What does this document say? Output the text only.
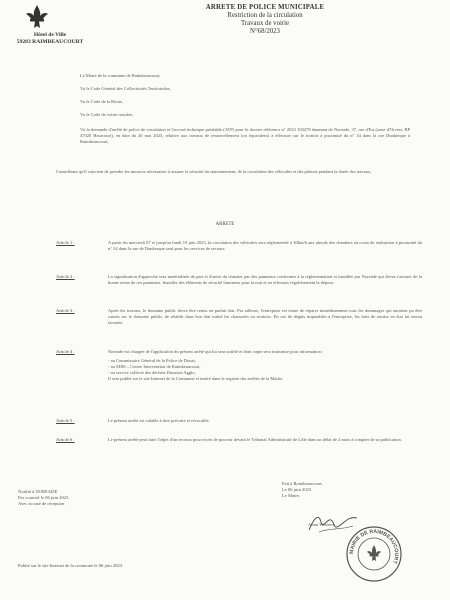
Hôtel de Ville
59283 RAIMBEAUCOURT
ARRETE DE POLICE MUNICIPALE
Restriction de la circulation
Travaux de voirie
N°68/2023
Le Maire de la commune de Raimbeaucourt,
Vu le Code Général des Collectivités Territoriales,
Vu le Code de la Route,
Vu le Code de voirie routière,
Vu la demande d'arrêté de police de circulation et l'accord technique préalable (ATP) pour le dossier référence n° 2023 103278 émanant de Noreade, 37, rue d'Est (zone d'Orvers, BP 47020 Hautcourt), en date du 26 mai 2023, relative aux travaux de renouvellement (ou équivalent) à effectuer sur le trottoir à proximité du n° 34 dans la rue Dunkerque à Raimbeaucourt,
Considérant qu'il convient de prendre les mesures nécessaires à assurer la sécurité du stationnement, de la circulation des véhicules et des piétons pendant la durée des travaux,
ARRETE
Article 1 :	A partir du mercredi 07 et jusqu'au lundi 19 juin 2023, la circulation des véhicules sera réglementée à 30km/h aux abords des chantiers en cours de réalisation à proximité du n° 34 dans la rue de Dunkerque sauf pour les services de secours.
Article 2 :	La signalisation d'approche sera matérialisée de part et d'autre du chantier par des panneaux conformes à la réglementation et installée par Noreade qui devra s'assurer de la bonne tenue de ces panneaux. Installer des éléments de sécurité lumineux pour la nuit et en effectuer régulièrement la dépose.
Article 3 :	Après les travaux, le domaine public devra être remis en parfait état. Par ailleurs, l'entreprise est tenue de réparer immédiatement tous les dommages qui auraient pu être causés sur le domaine public, de rétablir dans leur état initial les chaussées ou trottoirs. En cas de dégâts imputables à l'entreprise, les frais de remise en état lui seront facturés.
Article 4 :	Noreade est chargée de l'application du présent arrêté qui lui sera notifié et dont copie sera transmise pour information :
- au Commissaire Général de la Police de Douai,
- au SDIS – Centre Intervention de Raimbeaucourt,
- au service collecte des déchets Douaisis Agglo,
Il sera publié sur le site Internet de la Commune et inséré dans le registre des arrêtés de la Mairie.
Article 5 :	Le présent arrêté est valable à titre précaire et révocable.
Article 6 :	Le présent arrêté peut faire l'objet d'un recours pour excès de pouvoir devant le Tribunal Administratif de Lille dans un délai de 2 mois à compter de sa publication.
Notifié à NOREADE
Par courriel le 06 juin 2023
Avec accusé de réception
Fait à Raimbeaucourt,
Le 06 juin 2023
Le Maire,
Alain Wistrem
MAIRIE DE RAIMBEAUCOURT
Publié sur le site Internet de la commune le 06 juin 2023
